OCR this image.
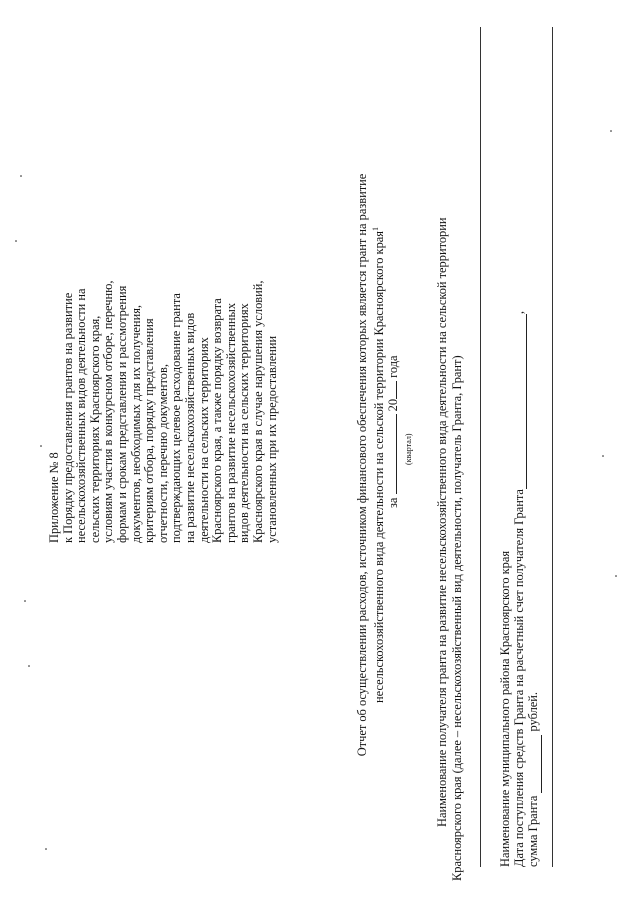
Приложение № 8 к Порядку предоставления грантов на развитие несельскохозяйственных видов деятельности на сельских территориях Красноярского края, условиям участия в конкурсном отборе, перечню, формам и срокам представления и рассмотрения документов, необходимых для их получения, критериям отбора, порядку представления отчетности, перечню документов, подтверждающих целевое расходование гранта на развитие несельскохозяйственных видов деятельности на сельских территориях Красноярского края, а также порядку возврата грантов на развитие несельскохозяйственных видов деятельности на сельских территориях Красноярского края в случае нарушения условий, установленных при их предоставлении	Отчет об осуществлении расходов, источником финансового обеспечения которых является грант на развитие несельскохозяйственного вида деятельности на сельской территории Красноярского края$^1$
за  20 года
(квартал) Наименование получателя гранта на развитие несельскохозяйственного вида деятельности на сельской территории Красноярского края (далее – несельскохозяйственный вид деятельности, получатель Гранта, Грант)	Наименование муниципального района Красноярского края Дата поступления средств Гранта на расчетный счет получателя Гранта ,
сумма Гранта   рублей.
